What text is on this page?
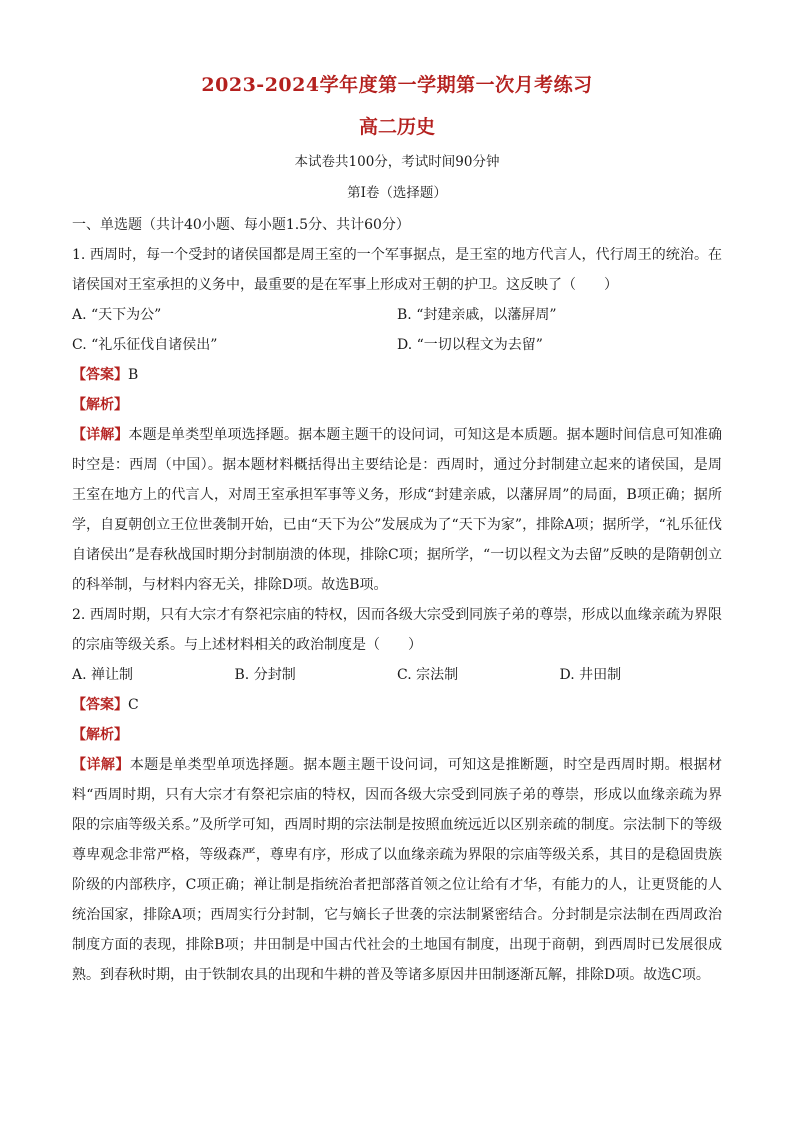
2023-2024学年度第一学期第一次月考练习
高二历史
本试卷共100分，考试时间90分钟
第Ⅰ卷（选择题）

一、单选题（共计40小题、每小题1.5分、共计60分）

1. 西周时，每一个受封的诸侯国都是周王室的一个军事据点，是王室的地方代言人，代行周王的统治。在诸侯国对王室承担的义务中，最重要的是在军事上形成对王朝的护卫。这反映了（　　）

A. “天下为公”	B. “封建亲戚，以藩屏周”
C. “礼乐征伐自诸侯出”	D. “一切以程文为去留”

【答案】B

【解析】

【详解】本题是单类型单项选择题。据本题主题干的设问词，可知这是本质题。据本题时间信息可知准确时空是：西周（中国）。据本题材料概括得出主要结论是：西周时，通过分封制建立起来的诸侯国，是周王室在地方上的代言人，对周王室承担军事等义务，形成“封建亲戚，以藩屏周”的局面，B项正确；据所学，自夏朝创立王位世袭制开始，已由“天下为公”发展成为了“天下为家”，排除A项；据所学，“礼乐征伐自诸侯出”是春秋战国时期分封制崩溃的体现，排除C项；据所学，“一切以程文为去留”反映的是隋朝创立的科举制，与材料内容无关，排除D项。故选B项。

2. 西周时期，只有大宗才有祭祀宗庙的特权，因而各级大宗受到同族子弟的尊崇，形成以血缘亲疏为界限的宗庙等级关系。与上述材料相关的政治制度是（　　）

A. 禅让制	B. 分封制	C. 宗法制	D. 井田制

【答案】C

【解析】

【详解】本题是单类型单项选择题。据本题主题干设问词，可知这是推断题，时空是西周时期。根据材料“西周时期，只有大宗才有祭祀宗庙的特权，因而各级大宗受到同族子弟的尊崇，形成以血缘亲疏为界限的宗庙等级关系。”及所学可知，西周时期的宗法制是按照血统远近以区别亲疏的制度。宗法制下的等级尊卑观念非常严格，等级森严，尊卑有序，形成了以血缘亲疏为界限的宗庙等级关系，其目的是稳固贵族阶级的内部秩序，C项正确；禅让制是指统治者把部落首领之位让给有才华，有能力的人，让更贤能的人统治国家，排除A项；西周实行分封制，它与嫡长子世袭的宗法制紧密结合。分封制是宗法制在西周政治制度方面的表现，排除B项；井田制是中国古代社会的土地国有制度，出现于商朝，到西周时已发展很成熟。到春秋时期，由于铁制农具的出现和牛耕的普及等诸多原因井田制逐渐瓦解，排除D项。故选C项。
